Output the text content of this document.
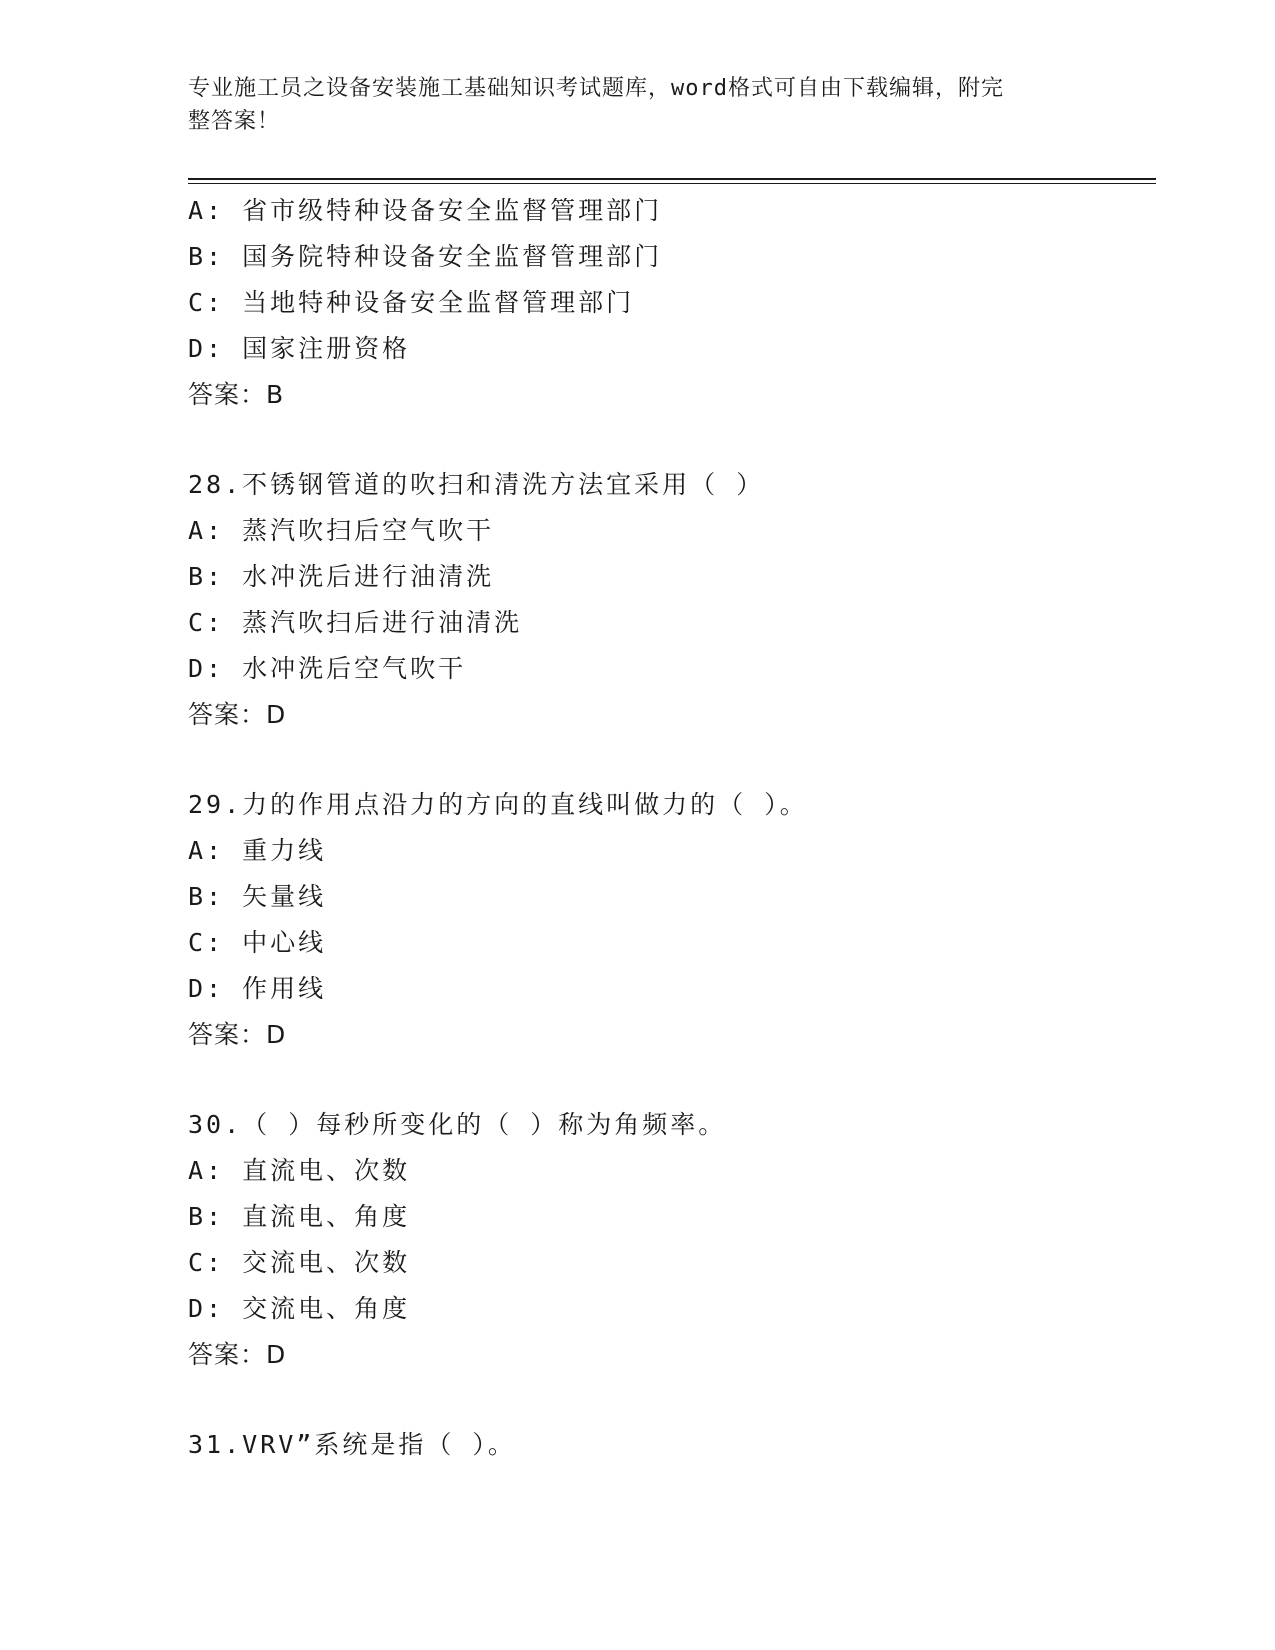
专业施工员之设备安装施工基础知识考试题库，word格式可自由下载编辑，附完
整答案！
A: 省市级特种设备安全监督管理部门
B: 国务院特种设备安全监督管理部门
C: 当地特种设备安全监督管理部门
D: 国家注册资格
答案：B
28.不锈钢管道的吹扫和清洗方法宜采用（ ）
A: 蒸汽吹扫后空气吹干
B: 水冲洗后进行油清洗
C: 蒸汽吹扫后进行油清洗
D: 水冲洗后空气吹干
答案：D
29.力的作用点沿力的方向的直线叫做力的（ ）。
A: 重力线
B: 矢量线
C: 中心线
D: 作用线
答案：D
30.（ ）每秒所变化的（ ）称为角频率。
A: 直流电、次数
B: 直流电、角度
C: 交流电、次数
D: 交流电、角度
答案：D
31.VRV”系统是指（ ）。
